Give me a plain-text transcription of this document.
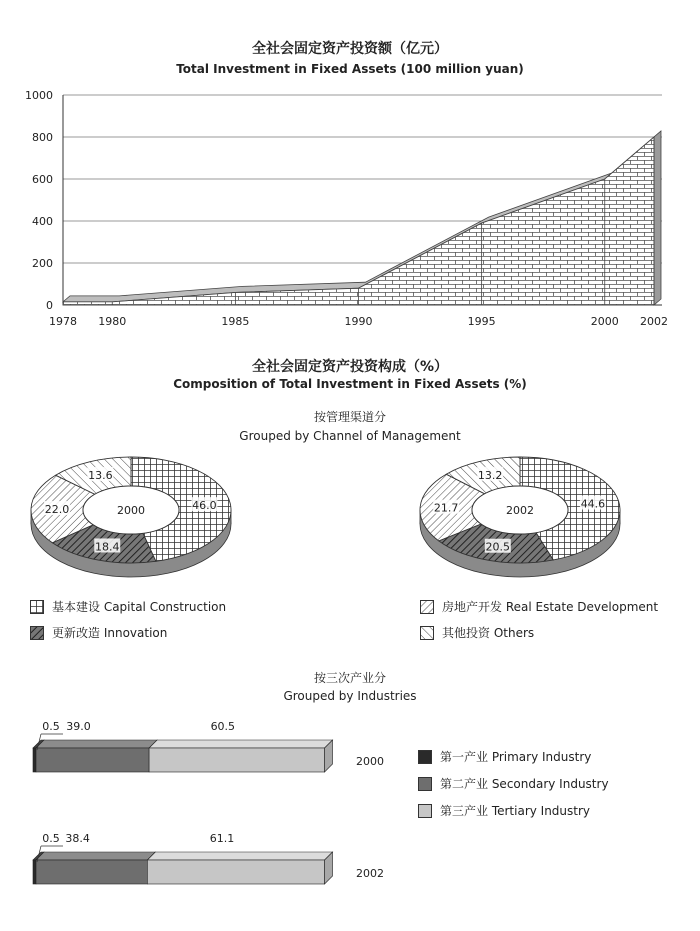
全社会固定资产投资额（亿元）
Total Investment in Fixed Assets (100 million yuan)
0
200
400
600
800
1000
1978 1980	1985	1990	1995	2000 2002
全社会固定资产投资构成（%）
Composition of Total Investment in Fixed Assets (%)
按管理渠道分
Grouped by Channel of Management
46.0
18.4
22.0
13.6
2000
44.6
20.5
21.7
13.2
2002
基本建设 Capital Construction
更新改造 Innovation
房地产开发 Real Estate Development
其他投资 Others
按三次产业分
Grouped by Industries
0.5 39.0	60.5
2000
0.5 38.4	61.1
2002
第一产业 Primary Industry
第二产业 Secondary Industry
第三产业 Tertiary Industry
